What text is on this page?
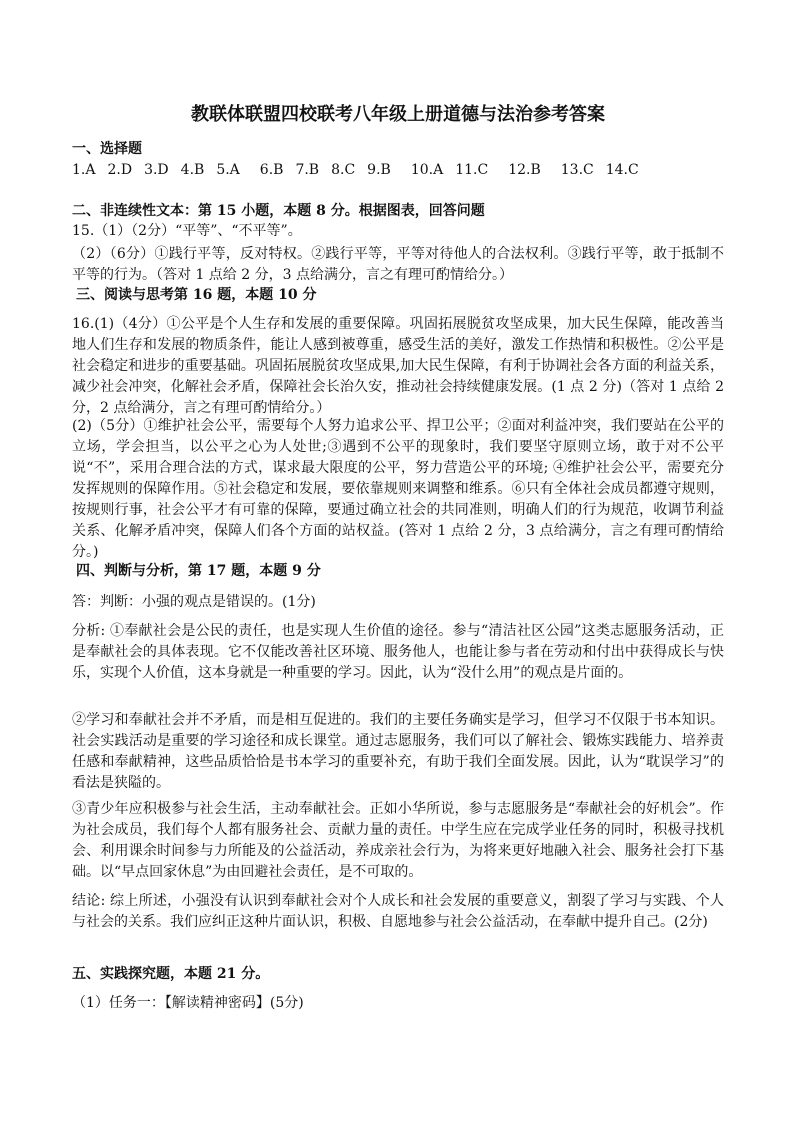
教联体联盟四校联考八年级上册道德与法治参考答案
一、选择题
1.A 2.D 3.D 4.B 5.A 6.B 7.B 8.C 9.B 10.A 11.C 12.B 13.C 14.C
二、非连续性文本：第 15 小题，本题 8 分。根据图表，回答问题
15.（1）（2分）“平等”、“不平等”。
（2）（6分）①践行平等，反对特权。②践行平等，平等对待他人的合法权利。③践行平等，敢于抵制不平等的行为。（答对 1 点给 2 分，3 点给满分，言之有理可酌情给分。）
三、阅读与思考第 16 题，本题 10 分
16.(1)（4分）①公平是个人生存和发展的重要保障。巩固拓展脱贫攻坚成果，加大民生保障，能改善当地人们生存和发展的物质条件，能让人感到被尊重，感受生活的美好，激发工作热情和积极性。②公平是社会稳定和进步的重要基础。巩固拓展脱贫攻坚成果,加大民生保障，有利于协调社会各方面的利益关系，减少社会冲突，化解社会矛盾，保障社会长治久安，推动社会持续健康发展。(1 点 2 分)（答对 1 点给 2 分，2 点给满分，言之有理可酌情给分。）
(2)（5分）①维护社会公平，需要每个人努力追求公平、捍卫公平；②面对利益冲突，我们要站在公平的立场，学会担当，以公平之心为人处世;③遇到不公平的现象时，我们要坚守原则立场，敢于对不公平说“不”，采用合理合法的方式，谋求最大限度的公平，努力营造公平的环境; ④维护社会公平，需要充分发挥规则的保障作用。⑤社会稳定和发展，要依靠规则来调整和维系。⑥只有全体社会成员都遵守规则，按规则行事，社会公平才有可靠的保障，要通过确立社会的共同准则，明确人们的行为规范，收调节利益关系、化解矛盾冲突，保障人们各个方面的站权益。(答对 1 点给 2 分，3 点给满分，言之有理可酌情给分。)
四、判断与分析，第 17 题，本题 9 分
答：判断：小强的观点是错误的。(1分)
分析: ①奉献社会是公民的责任，也是实现人生价值的途径。参与“清洁社区公园”这类志愿服务活动，正是奉献社会的具体表现。它不仅能改善社区环境、服务他人，也能让参与者在劳动和付出中获得成长与快乐，实现个人价值，这本身就是一种重要的学习。因此，认为“没什么用”的观点是片面的。
②学习和奉献社会并不矛盾，而是相互促进的。我们的主要任务确实是学习，但学习不仅限于书本知识。社会实践活动是重要的学习途径和成长课堂。通过志愿服务，我们可以了解社会、锻炼实践能力、培养责任感和奉献精神，这些品质恰恰是书本学习的重要补充，有助于我们全面发展。因此，认为“耽误学习”的看法是狭隘的。
③青少年应积极参与社会生活，主动奉献社会。正如小华所说，参与志愿服务是“奉献社会的好机会”。作为社会成员，我们每个人都有服务社会、贡献力量的责任。中学生应在完成学业任务的同时，积极寻找机会、利用课余时间参与力所能及的公益活动，养成亲社会行为，为将来更好地融入社会、服务社会打下基础。以“早点回家休息”为由回避社会责任，是不可取的。
结论: 综上所述，小强没有认识到奉献社会对个人成长和社会发展的重要意义，割裂了学习与实践、个人与社会的关系。我们应纠正这种片面认识，积极、自愿地参与社会公益活动，在奉献中提升自己。(2分)
五、实践探究题，本题 21 分。
（1）任务一：【解读精神密码】(5分)
